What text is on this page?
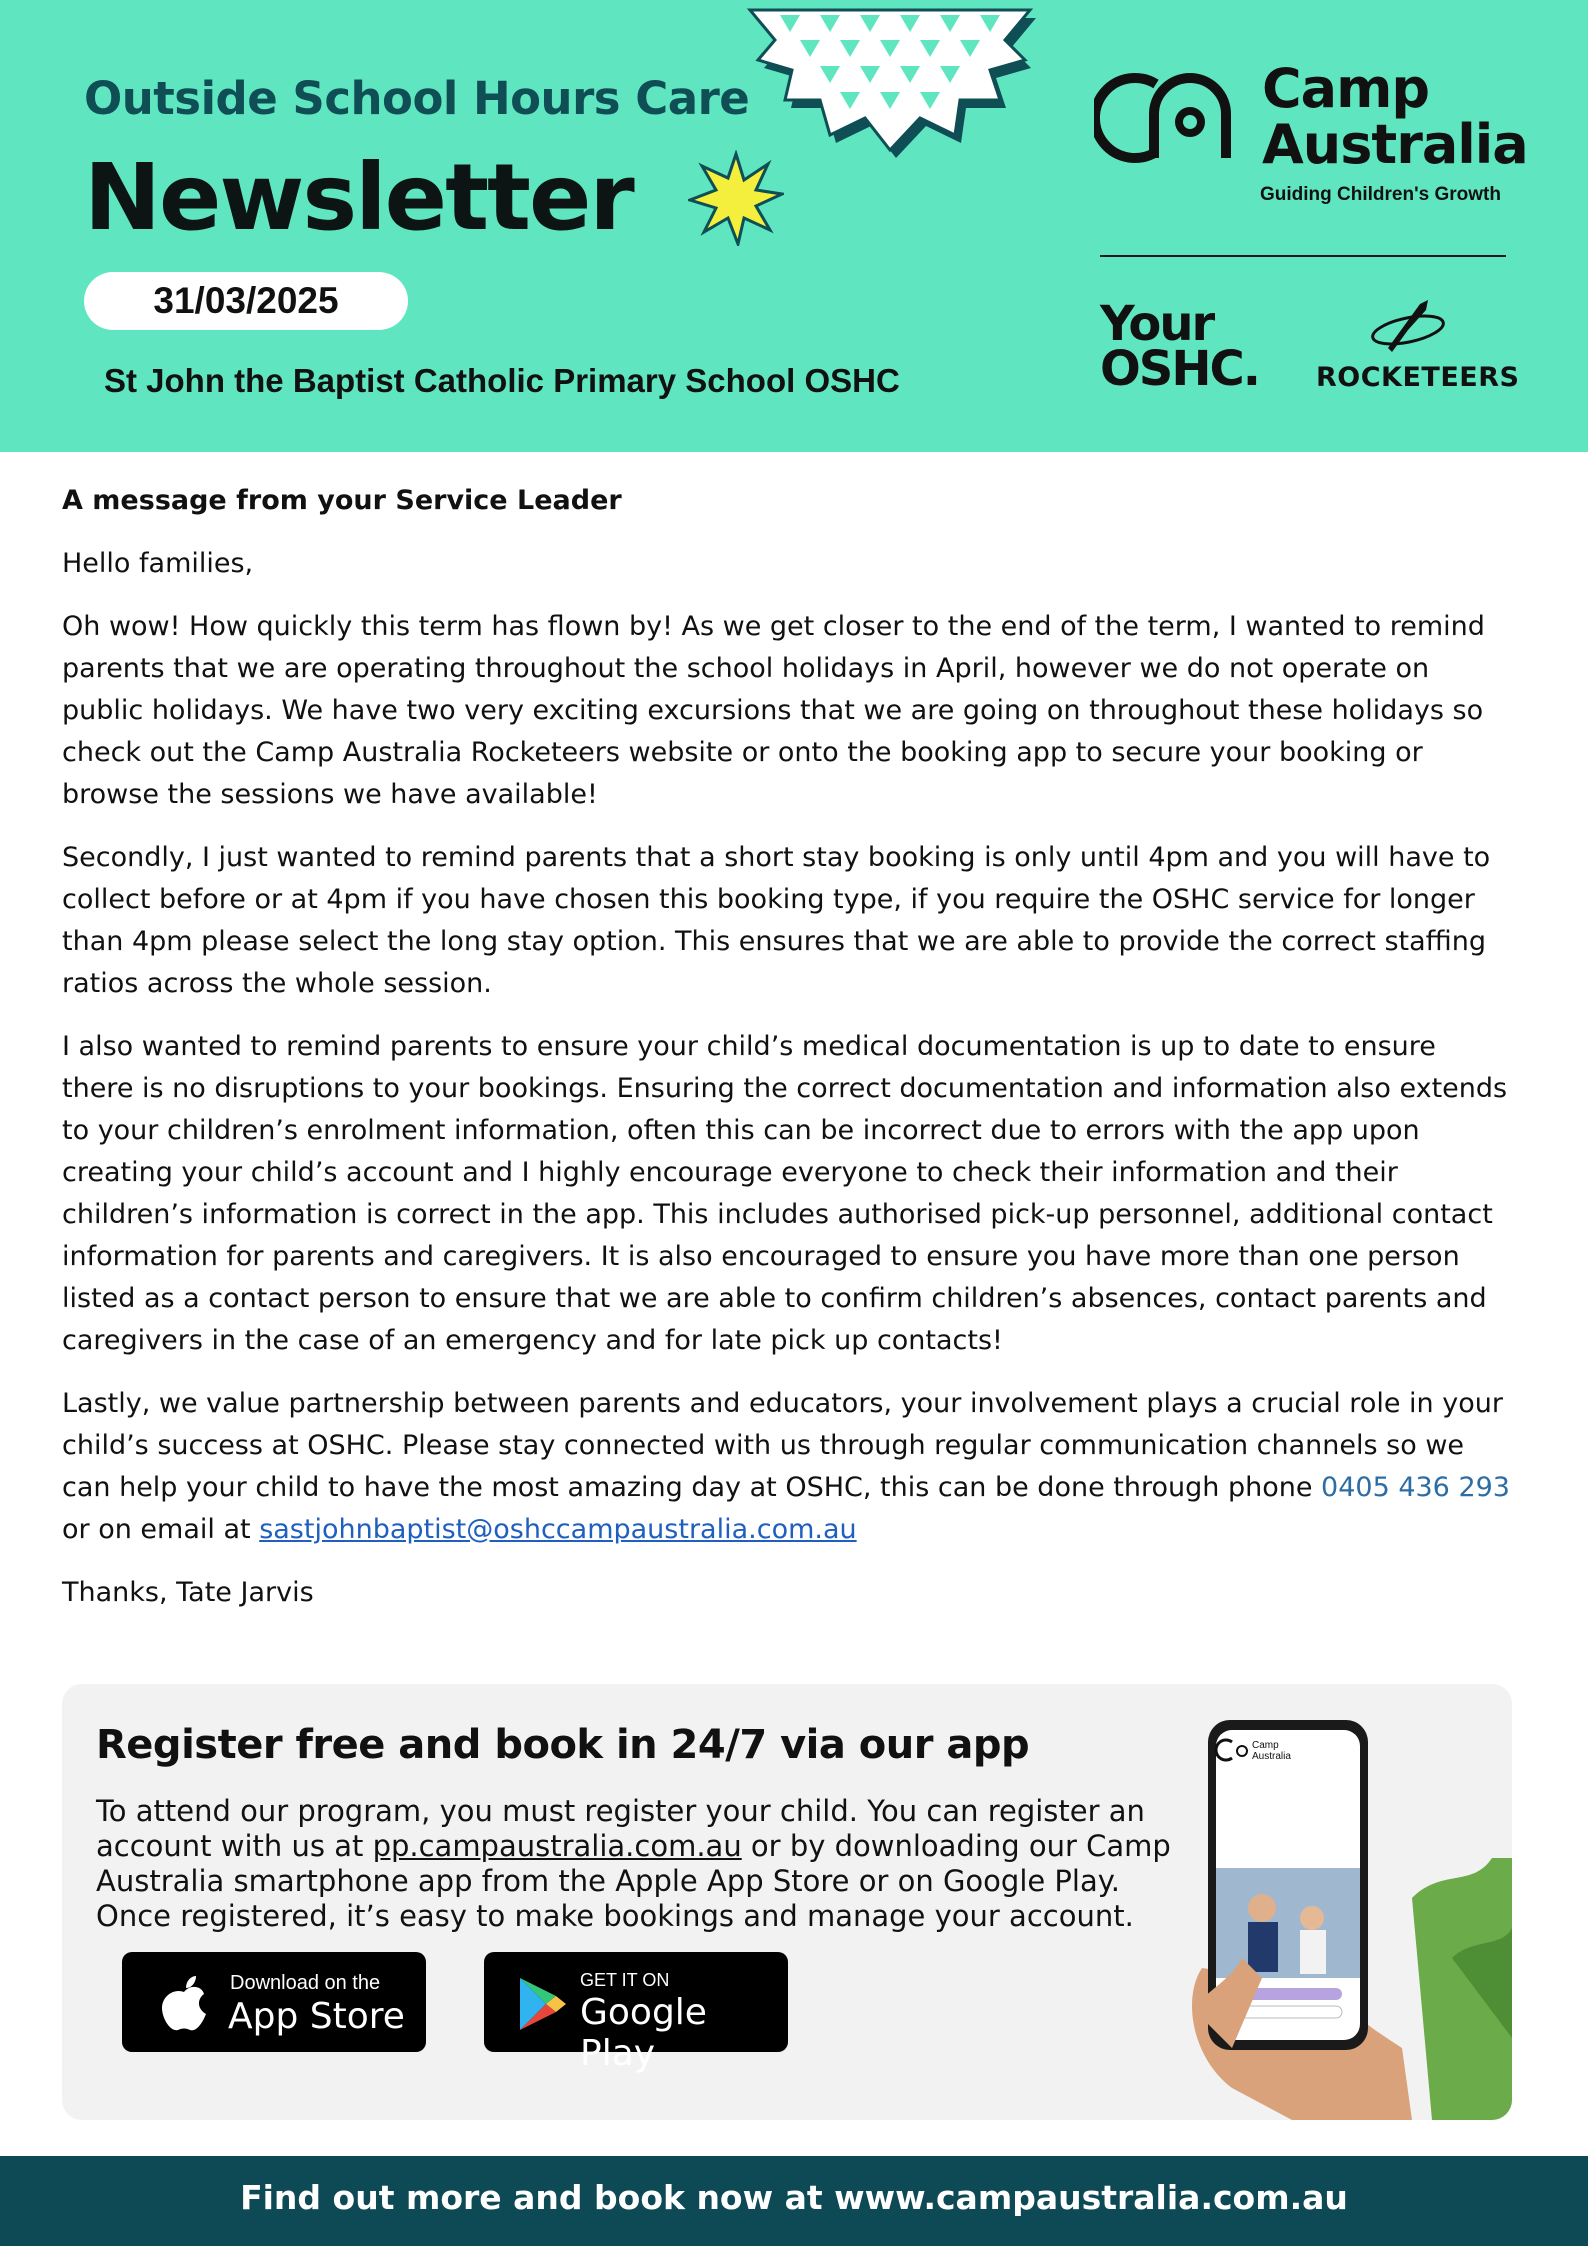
Outside School Hours Care
Newsletter
31/03/2025
St John the Baptist Catholic Primary School OSHC
Camp
Australia
Guiding Children's Growth
Your
OSHC. ROCKETEERS

A message from your Service Leader

Hello families,

Oh wow! How quickly this term has flown by! As we get closer to the end of the term, I wanted to remind parents that we are operating throughout the school holidays in April, however we do not operate on public holidays. We have two very exciting excursions that we are going on throughout these holidays so check out the Camp Australia Rocketeers website or onto the booking app to secure your booking or browse the sessions we have available!

Secondly, I just wanted to remind parents that a short stay booking is only until 4pm and you will have to collect before or at 4pm if you have chosen this booking type, if you require the OSHC service for longer than 4pm please select the long stay option. This ensures that we are able to provide the correct staffing ratios across the whole session.

I also wanted to remind parents to ensure your child’s medical documentation is up to date to ensure there is no disruptions to your bookings. Ensuring the correct documentation and information also extends to your children’s enrolment information, often this can be incorrect due to errors with the app upon creating your child’s account and I highly encourage everyone to check their information and their children’s information is correct in the app. This includes authorised pick-up personnel, additional contact information for parents and caregivers. It is also encouraged to ensure you have more than one person listed as a contact person to ensure that we are able to confirm children’s absences, contact parents and caregivers in the case of an emergency and for late pick up contacts!

Lastly, we value partnership between parents and educators, your involvement plays a crucial role in your child’s success at OSHC. Please stay connected with us through regular communication channels so we can help your child to have the most amazing day at OSHC, this can be done through phone 0405 436 293 or on email at sastjohnbaptist@oshccampaustralia.com.au

Thanks, Tate Jarvis

Register free and book in 24/7 via our app
To attend our program, you must register your child. You can register an account with us at pp.campaustralia.com.au or by downloading our Camp Australia smartphone app from the Apple App Store or on Google Play. Once registered, it’s easy to make bookings and manage your account.
Download on the
App Store
GET IT ON
Google Play
Camp
Australia
Find out more and book now at www.campaustralia.com.au
